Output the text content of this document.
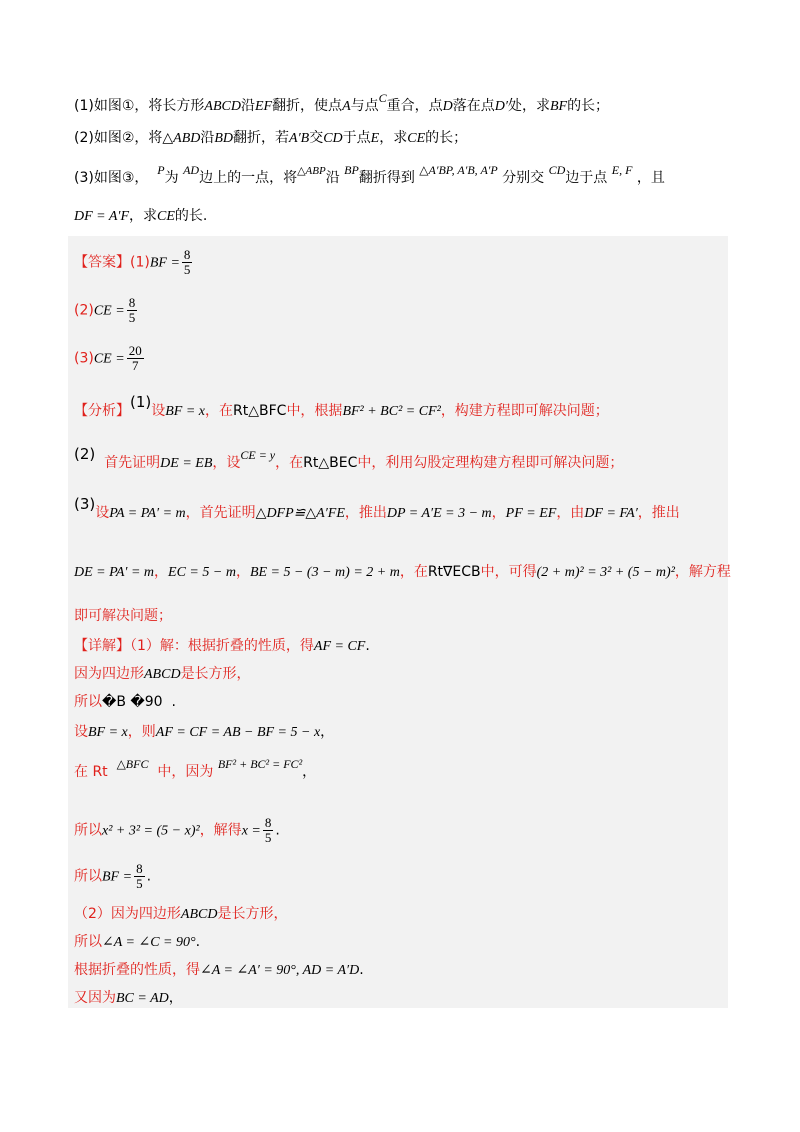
(1)如图①，将长方形ABCD沿EF翻折，使点A与点C重合，点D落在点D′处，求BF的长；
(2)如图②，将△ABD沿BD翻折，若A′B交CD于点E，求CE的长；
(3)如图③， P为 AD边上的一点，将$^{\triangle ABP}$沿 BP翻折得到 △A′BP, A′B, A′P 分别交 CD边于点 E, F ，且
DF = A′F，求CE的长.
【答案】$(1)BF = \frac{8}{5}$
$(2)CE = \frac{8}{5}$
$(3)CE = \frac{20}{7}$
【分析】(1)设BF = x，在Rt△BFC中，根据BF² + BC² = CF²，构建方程即可解决问题；
(2) 首先证明DE = EB，设CE = y，在Rt△BEC中，利用勾股定理构建方程即可解决问题；
(3)设PA = PA′ = m，首先证明△DFP≌△A′FE，推出DP = A′E = 3 − m，PF = EF，由DF = FA′，推出
DE = PA′ = m，EC = 5 − m，BE = 5 − (3 − m) = 2 + m，在Rt∇ECB中，可得(2 + m)² = 3² + (5 − m)²，解方程
即可解决问题；
【详解】（1）解：根据折叠的性质，得AF = CF.
因为四边形ABCD是长方形，
所以�B �90 .
设BF = x，则AF = CF = AB − BF = 5 − x，
在 Rt △BFC 中，因为 BF² + BC² = FC²，
所以x² + 3² = (5 − x)²，解得$x = \frac{8}{5}$ .
所以BF = $\frac{8}{5}$ .
（2）因为四边形ABCD是长方形，
所以∠A = ∠C = 90°.
根据折叠的性质，得∠A = ∠A′ = 90°, AD = A′D.
又因为BC = AD，
